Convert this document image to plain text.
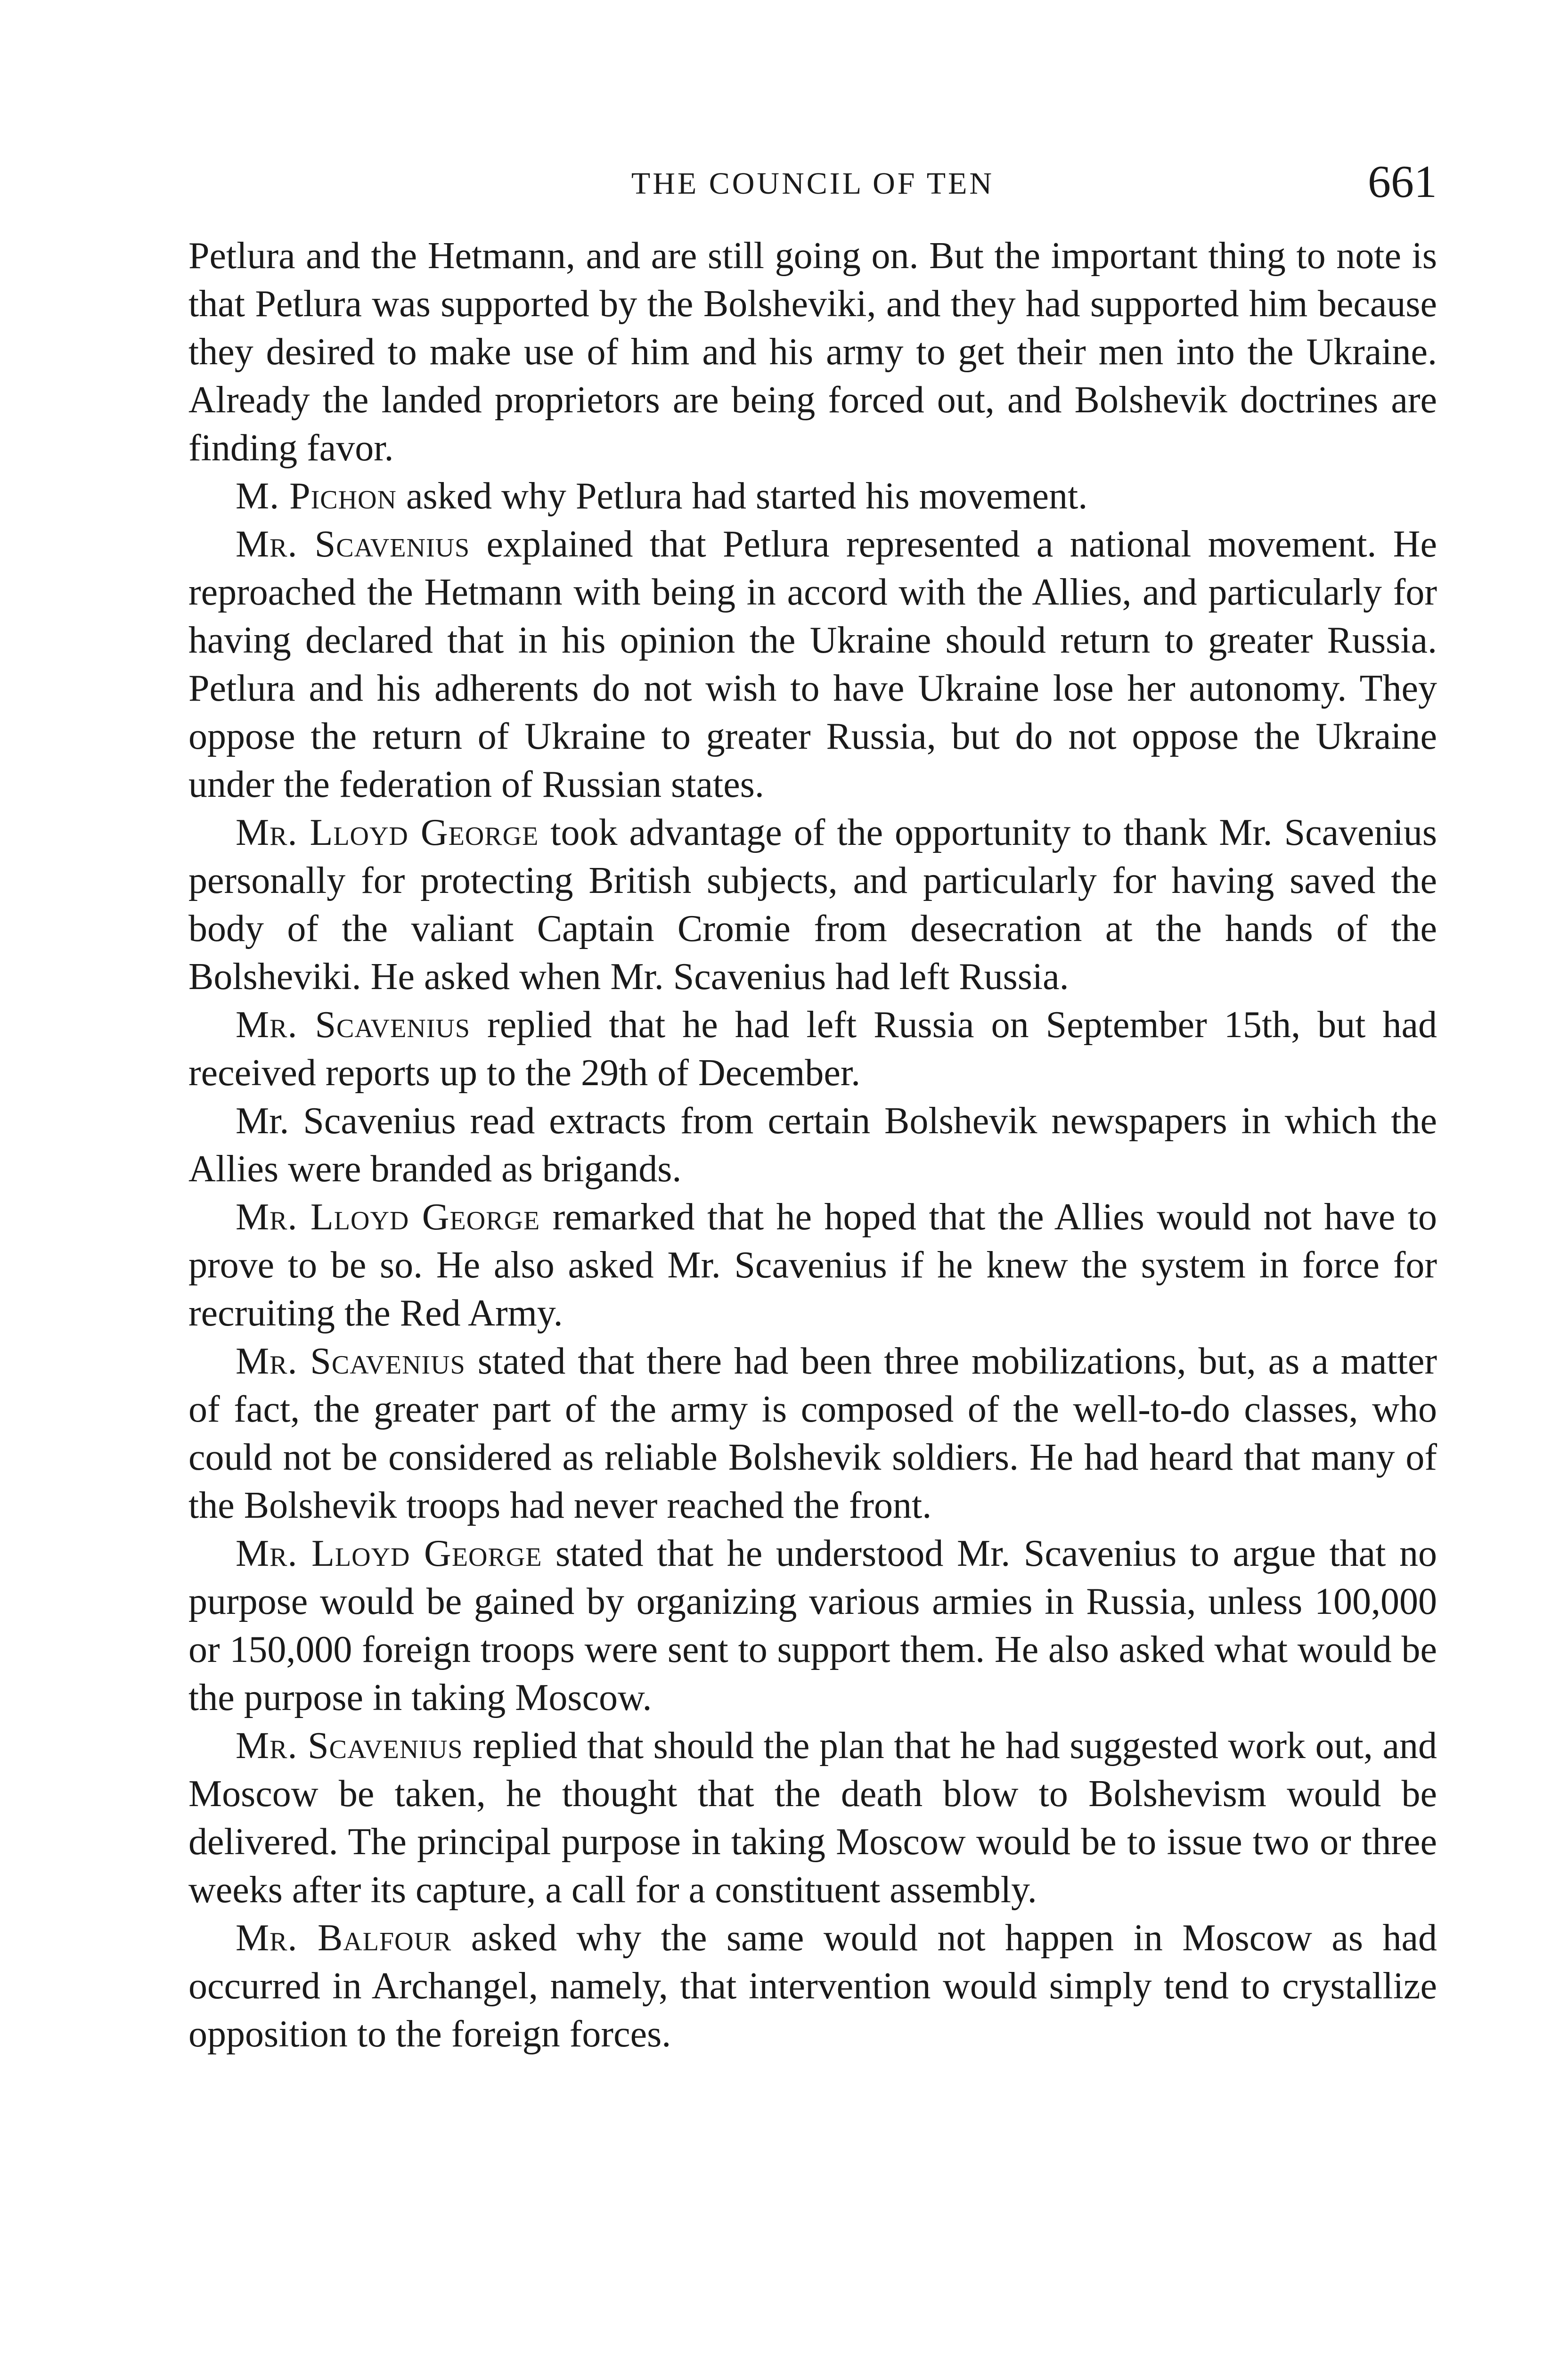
THE COUNCIL OF TEN	661

Petlura and the Hetmann, and are still going on. But the important thing to note is that Petlura was supported by the Bolsheviki, and they had supported him because they desired to make use of him and his army to get their men into the Ukraine. Already the landed proprietors are being forced out, and Bolshevik doctrines are finding favor.

M. Pichon asked why Petlura had started his movement.

Mr. Scavenius explained that Petlura represented a national movement. He reproached the Hetmann with being in accord with the Allies, and particularly for having declared that in his opinion the Ukraine should return to greater Russia. Petlura and his adherents do not wish to have Ukraine lose her autonomy. They oppose the return of Ukraine to greater Russia, but do not oppose the Ukraine under the federation of Russian states.

Mr. Lloyd George took advantage of the opportunity to thank Mr. Scavenius personally for protecting British subjects, and particularly for having saved the body of the valiant Captain Cromie from desecration at the hands of the Bolsheviki. He asked when Mr. Scavenius had left Russia.

Mr. Scavenius replied that he had left Russia on September 15th, but had received reports up to the 29th of December.

Mr. Scavenius read extracts from certain Bolshevik newspapers in which the Allies were branded as brigands.

Mr. Lloyd George remarked that he hoped that the Allies would not have to prove to be so. He also asked Mr. Scavenius if he knew the system in force for recruiting the Red Army.

Mr. Scavenius stated that there had been three mobilizations, but, as a matter of fact, the greater part of the army is composed of the well-to-do classes, who could not be considered as reliable Bolshevik soldiers. He had heard that many of the Bolshevik troops had never reached the front.

Mr. Lloyd George stated that he understood Mr. Scavenius to argue that no purpose would be gained by organizing various armies in Russia, unless 100,000 or 150,000 foreign troops were sent to support them. He also asked what would be the purpose in taking Moscow.

Mr. Scavenius replied that should the plan that he had suggested work out, and Moscow be taken, he thought that the death blow to Bolshevism would be delivered. The principal purpose in taking Moscow would be to issue two or three weeks after its capture, a call for a constituent assembly.

Mr. Balfour asked why the same would not happen in Moscow as had occurred in Archangel, namely, that intervention would simply tend to crystallize opposition to the foreign forces.
